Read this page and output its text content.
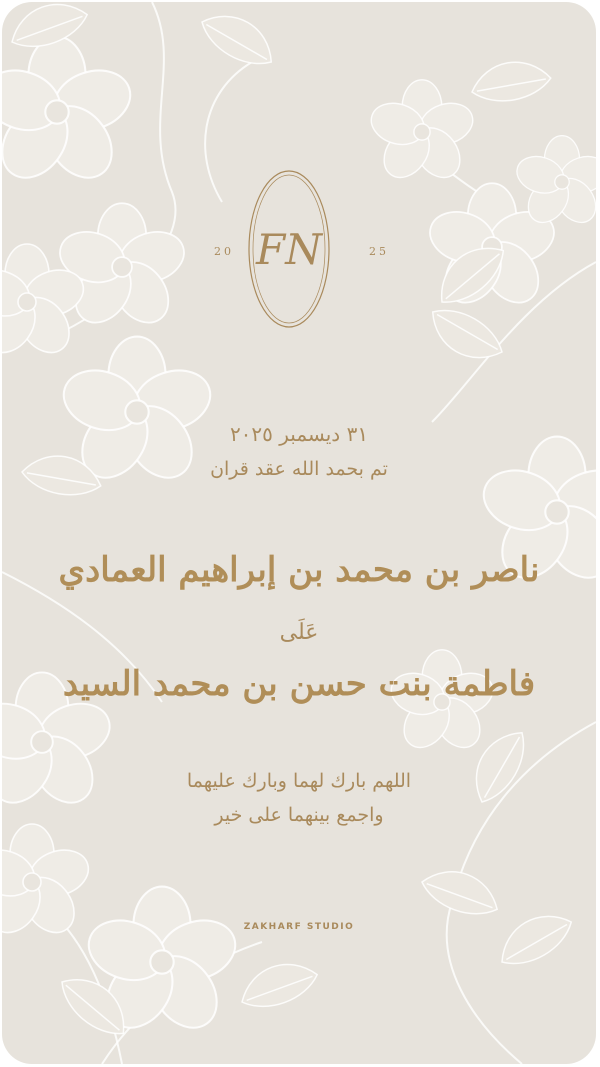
FN
20	25
٣١ ديسمبر ٢٠٢٥
تم بحمد الله عقد قران
ناصر بن محمد بن إبراهيم العمادي
عَلَى
فاطمة بنت حسن بن محمد السيد
اللهم بارك لهما وبارك عليهما
واجمع بينهما على خير
ZAKHARF STUDIO
